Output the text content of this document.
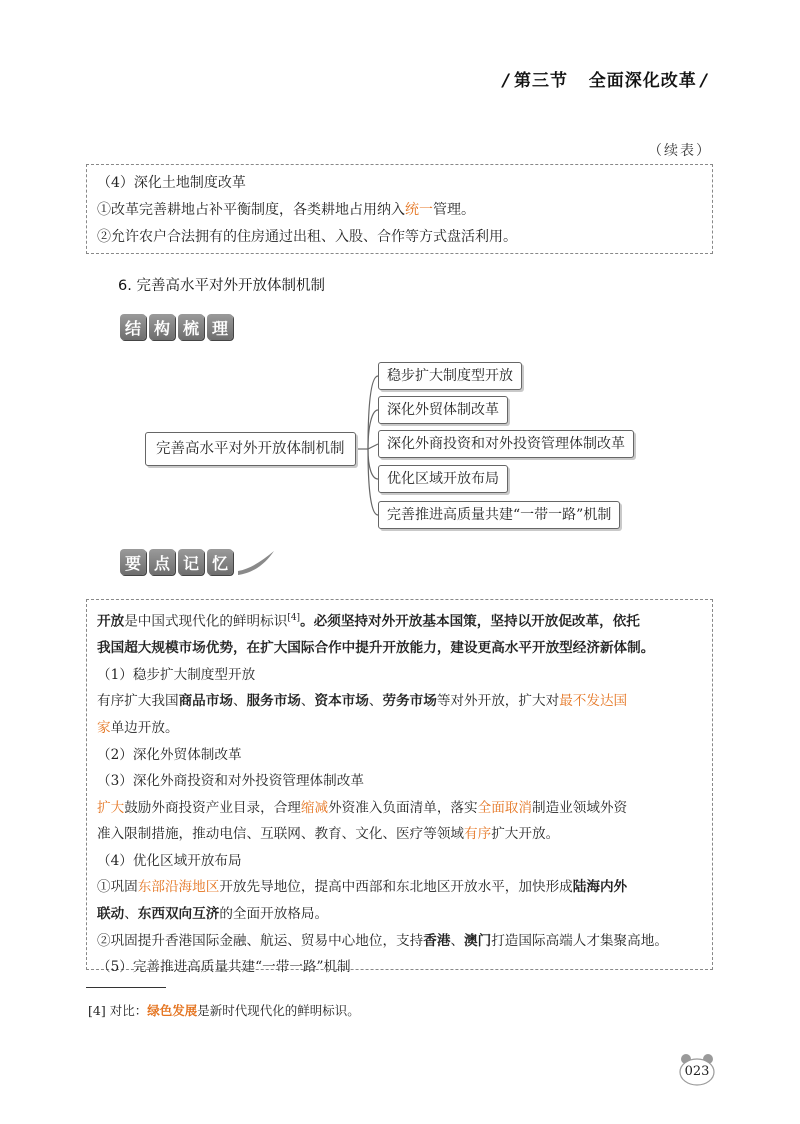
/ 第三节 全面深化改革 /
（续表）
（4）深化土地制度改革
①改革完善耕地占补平衡制度，各类耕地占用纳入统一管理。
②允许农户合法拥有的住房通过出租、入股、合作等方式盘活利用。
6. 完善高水平对外开放体制机制
结 构 梳 理
完善高水平对外开放体制机制
稳步扩大制度型开放
深化外贸体制改革
深化外商投资和对外投资管理体制改革
优化区域开放布局
完善推进高质量共建“一带一路”机制
要 点 记 忆
开放是中国式现代化的鲜明标识[4]。必须坚持对外开放基本国策，坚持以开放促改革，依托
我国超大规模市场优势，在扩大国际合作中提升开放能力，建设更高水平开放型经济新体制。
（1）稳步扩大制度型开放
有序扩大我国商品市场、服务市场、资本市场、劳务市场等对外开放，扩大对最不发达国
家单边开放。
（2）深化外贸体制改革
（3）深化外商投资和对外投资管理体制改革
扩大鼓励外商投资产业目录，合理缩减外资准入负面清单，落实全面取消制造业领域外资
准入限制措施，推动电信、互联网、教育、文化、医疗等领域有序扩大开放。
（4）优化区域开放布局
①巩固东部沿海地区开放先导地位，提高中西部和东北地区开放水平，加快形成陆海内外
联动、东西双向互济的全面开放格局。
②巩固提升香港国际金融、航运、贸易中心地位，支持香港、澳门打造国际高端人才集聚高地。
（5）完善推进高质量共建“一带一路”机制
[4] 对比：绿色发展是新时代现代化的鲜明标识。
023
